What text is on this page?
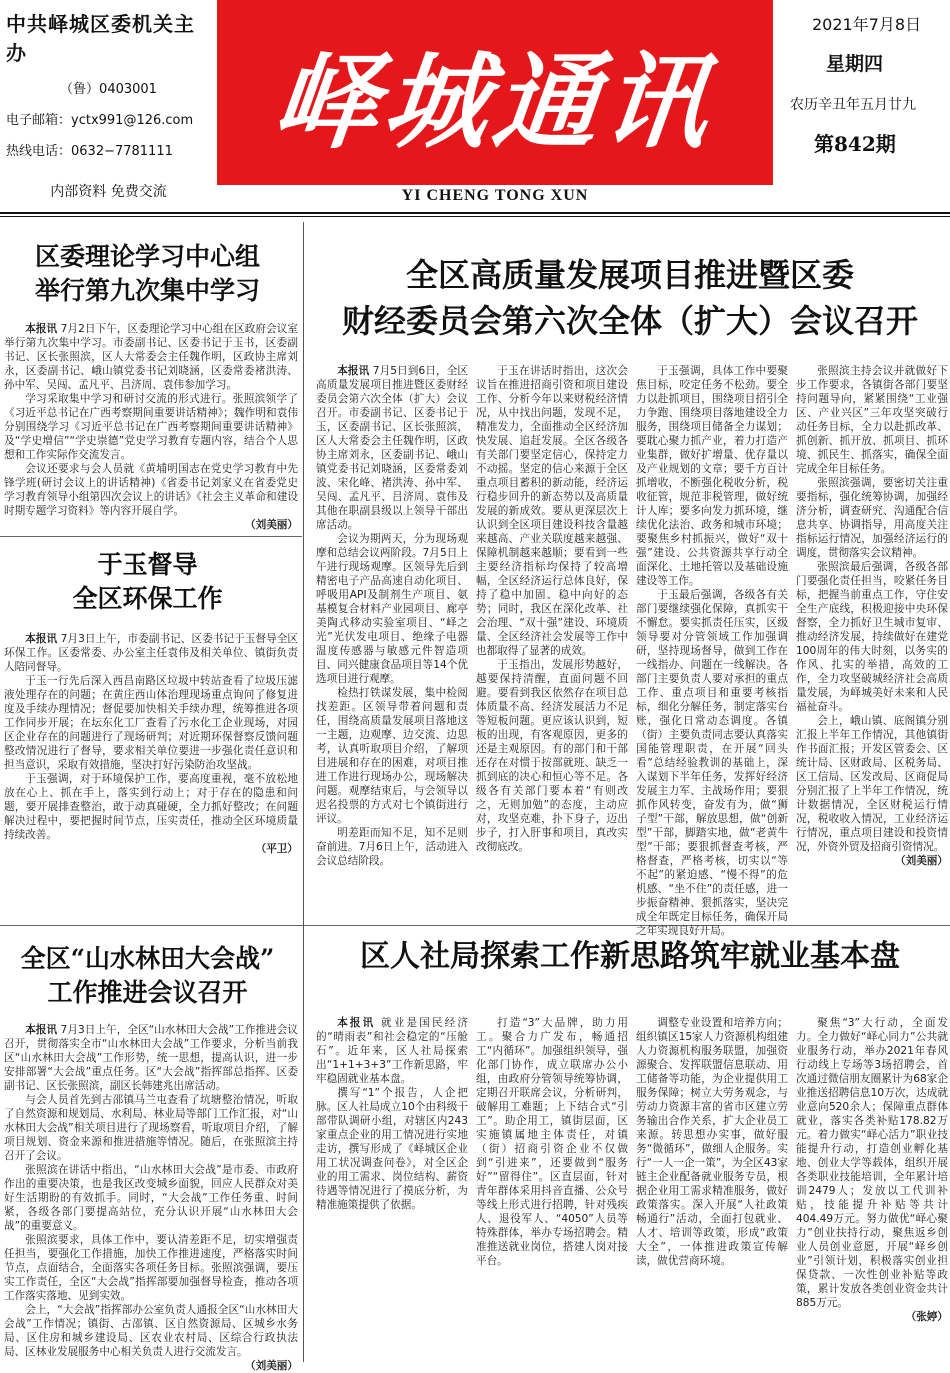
中共峄城区委机关主办
（鲁）0403001
电子邮箱：yctx991@126.com
热线电话：0632−7781111
内部资料 免费交流
峄城通讯
YI CHENG TONG XUN
2021年7月8日
星期四
农历辛丑年五月廿九
第842期
区委理论学习中心组
举行第九次集中学习	全区高质量发展项目推进暨区委
财经委员会第六次全体（扩大）会议召开
于玉督导
全区环保工作
全区“山水林田大会战”
工作推进会议召开
区人社局探索工作新思路筑牢就业基本盘

本报讯 7月2日下午，区委理论学习中心组在区政府会议室举行第九次集中学习。市委副书记、区委书记于玉书，区委副书记、区长张照滨，区人大常委会主任魏作明，区政协主席刘永，区委副书记、峨山镇党委书记刘晓涵，区委常委褚洪涛、孙中军、吴闯、孟凡平、吕济周、袁伟参加学习。

学习采取集中学习和研讨交流的形式进行。张照滨领学了《习近平总书记在广西考察期间重要讲话精神》；魏作明和袁伟分别围绕学习《习近平总书记在广西考察期间重要讲话精神》及“学史增信”“学史崇德”党史学习教育专题内容，结合个人思想和工作实际作交流发言。

会议还要求与会人员就《黄埔明国志在党史学习教育中先锋学班(研讨会议上的讲话精神)《省委书记刘家义在省委党史学习教育领导小组第四次会议上的讲话》《社会主义革命和建设时期专题学习资料》等内容开展自学。

（刘美丽）

本报讯 7月3日上午，市委副书记、区委书记于玉督导全区环保工作。区委常委、办公室主任袁伟及相关单位、镇街负责人陪同督导。

于玉一行先后深入西昌南路区垃圾中转站查看了垃圾压滤液处理存在的问题；在黄庄西山体治理现场重点询问了修复进度及手续办理情况；督促要加快相关手续办理，统筹推进各项工作同步开展；在坛东化工厂查看了污水化工企业现场，对园区企业存在的问题进行了现场研判；对近期环保督察反馈问题整改情况进行了督导，要求相关单位要进一步强化责任意识和担当意识，采取有效措施，坚决打好污染防治攻坚战。

于玉强调，对于环境保护工作，要高度重视，毫不放松地放在心上、抓在手上，落实到行动上；对于存在的隐患和问题，要开展排查整治，敢于动真碰硬，全力抓好整改；在问题解决过程中，要把握时间节点，压实责任，推动全区环境质量持续改善。

（平卫）

本报讯 7月3日上午，全区“山水林田大会战”工作推进会议召开，贯彻落实全市“山水林田大会战”工作要求，分析当前我区“山水林田大会战”工作形势，统一思想，提高认识，进一步安排部署“大会战”重点任务。区“大会战”指挥部总指挥、区委副书记、区长张照滨，副区长韩建兆出席活动。

与会人员首先到古邵镇马兰屯查看了坑塘整治情况，听取了自然资源和规划局、水利局、林业局等部门工作汇报，对“山水林田大会战”相关项目进行了现场察看，听取项目介绍，了解项目规划、资金来源和推进措施等情况。随后，在张照滨主持召开了会议。

张照滨在讲话中指出，“山水林田大会战”是市委、市政府作出的重要决策，也是我区改变城乡面貌，回应人民群众对美好生活期盼的有效抓手。同时，“大会战”工作任务重、时间紧，各级各部门要提高站位，充分认识开展“山水林田大会战”的重要意义。

张照滨要求，具体工作中，要认清差距不足，切实增强责任担当，要强化工作措施，加快工作推进速度，严格落实时间节点，点面结合，全面落实各项任务目标。张照滨强调，要压实工作责任，全区“大会战”指挥部要加强督导检查，推动各项工作落实落地、见到实效。

会上，“大会战”指挥部办公室负责人通报全区“山水林田大会战”工作情况；镇街、古邵镇、区自然资源局、区城乡水务局、区住房和城乡建设局、区农业农村局、区综合行政执法局、区林业发展服务中心相关负责人进行交流发言。

（刘美丽）

本报讯 7月5日到6日，全区高质量发展项目推进暨区委财经委员会第六次全体（扩大）会议召开。市委副书记、区委书记于玉，区委副书记、区长张照滨，区人大常委会主任魏作明，区政协主席刘永，区委副书记、峨山镇党委书记刘晓涵，区委常委刘波、宋化峰、褚洪涛、孙中军、吴闯、孟凡平、吕济周、袁伟及其他在职副县级以上领导干部出席活动。

会议为期两天，分为现场观摩和总结会议两阶段。7月5日上午进行现场观摩。区领导先后到精密电子产品高速自动化项目、呼吸用API及制剂生产项目、氨基模复合材料产业园项目、廊亭美陶式移动实验室项目、“峄之光”光伏发电项目、绝缘子电器温度传感器与敏感元件智造项目、同兴健康食品项目等14个优选项目进行观摩。

检热打铁谋发展，集中检阅找差距。区领导带着问题和责任，围绕高质量发展项目落地这一主题，边观摩、边交流、边思考，认真听取项目介绍，了解项目进展和存在的困难，对项目推进工作进行现场办公，现场解决问题。观摩结束后，与会领导以迟名投票的方式对七个镇街进行评议。

明差距而知不足，知不足则奋前进。7月6日上午，活动进入会议总结阶段。

于玉在讲话时指出，这次会议旨在推进招商引资和项目建设工作、分析今年以来财税经济情况，从中找出问题，发现不足，精准发力，全面推动全区经济加快发展、追赶发展。全区各级各有关部门要坚定信心，保持定力不动摇。坚定的信心来源于全区重点项目蓄积的新动能，经济运行稳步回升的新态势以及高质量发展的新成效。要从更深层次上认识到全区项目建设科技含量越来越高、产业关联度越来越强、保障机制越来越顺；要看到一些主要经济指标均保持了较高增幅，全区经济运行总体良好，保持了稳中加固、稳中向好的态势；同时，我区在深化改革、社会治理、“双十强”建设、环境质量、全区经济社会发展等工作中也都取得了显著的成效。

于玉指出，发展形势越好，越要保持清醒，直面问题不回避。要看到我区依然存在项目总体质量不高、经济发展活力不足等短板问题。更应该认识到，短板的出现，有客观原因，更多的还是主观原因。有的部门和干部还存在对惯于按部就班、缺乏一抓到底的决心和恒心等不足。各级各有关部门要本着“有则改之，无则加勉”的态度，主动应对，攻坚克难，扑下身子，迈出步子，打入肝事和项目，真改实改彻底改。

于玉强调，具体工作中要聚焦目标，咬定任务不松劲。要全力以赴抓项目，围绕项目招引全力争跑、围绕项目落地建设全力服务，围绕项目储备全力谋划；要耽心聚力抓产业，着力打造产业集群，做好扩增量、优存量以及产业规划的文章；要千方百计抓增收，不断强化税收分析，税收征管，规范非税管理，做好统计人库；要多向发力抓环境，继续优化法治、政务和城市环境；要聚焦乡村抓振兴，做好“双十强”建设、公共资源共享行动全面深化、土地托管以及基础设施建设等工作。

于玉最后强调，各级各有关部门要继续强化保障，真抓实干不懈怠。要实抓责任压实，区级领导要对分管领域工作加强调研，坚持现场督导，做到工作在一线指办、问题在一线解决。各部门主要负责人要对承担的重点工作、重点项目和重要考核指标，细化分解任务，制定落实台账，强化日常动态调度。各镇（街）主要负责同志要认真落实国能管理职责，在开展“回头看”总结经验教训的基础上，深入谋划下半年任务，发挥好经济发展主力军、主战场作用；要狠抓作风转变，奋发有为，做“狮子型”干部，解放思想，做“创新型”干部，脚踏实地，做“老黄牛型”干部；要狠抓督查考核，严格督查，严格考核，切实以“等不起”的紧迫感、“慢不得”的危机感、“坐不住”的责任感，进一步振奋精神、狠抓落实，坚决完成全年既定目标任务，确保开局之年实现良好开局。

张照滨主持会议并就做好下步工作要求，各镇街各部门要坚持问题导向，紧紧围绕“工业强区、产业兴区”三年攻坚突破行动任务目标，全力以赴抓改革、抓创新、抓开放、抓项目、抓环境、抓民生、抓落实，确保全面完成全年目标任务。

张照滨强调，要密切关注重要指标，强化统筹协调，加强经济分析，调查研究、沟通配合信息共享、协调指导，用高度关注指标运行情况，加强经济运行的调度，贯彻落实会议精神。

张照滨最后强调，各级各部门要强化责任担当，咬紧任务目标，把握当前重点工作，守住安全生产底线，积极迎接中央环保督察，全力抓好卫生城市复审、推动经济发展，持续做好在建党100周年的伟大时刻，以务实的作风、扎实的举措，高效的工作，全力攻坚破城经济社会高质量发展，为峄城美好未来和人民福祉奋斗。

会上，峨山镇、底阁镇分别汇报上半年工作情况，其他镇街作书面汇报；开发区管委会、区统计局、区财政局、区税务局、区工信局、区发改局、区商促局分别汇报了上半年工作情况，统计数据情况，全区财税运行情况，税收收入情况，工业经济运行情况，重点项目建设和投资情况，外资外贸及招商引资情况。

（刘美丽）

本报讯 就业是国民经济的“晴雨表”和社会稳定的“压舱石”。近年来，区人社局探索出“1+1+3+3”工作新思路，牢牢稳固就业基本盘。

撰写“1”个报告，人企把脉。区人社局成立10个由科级干部带队调研小组，对辖区内243家重点企业的用工情况进行实地走访，撰写形成了《峄城区企业用工状况调查问卷》，对全区企业的用工需求、岗位结构、薪资待遇等情况进行了摸底分析，为精准施策提供了依据。

打造“3”大品牌，助力用工。聚合力广发布，畅通招工“内循环”。加强组织领导，强化部门协作，成立联席办公小组，由政府分管领导统筹协调，定期召开联席会议，分析研判，破解用工难题；上下结合式“引工”。助企用工，镇街层面，区实施镇属地主体责任，对镇（街）招商引资企业不仅做到“引进来”，还要做到“服务好”“留得住”。区直层面，针对青年群体采用抖音直播、公众号等线上形式进行招聘，针对残疾人、退役军人、“4050”人员等特殊群体，举办专场招聘会。精准推送就业岗位，搭建人岗对接平台。

调整专业设置和培养方向；组织镇区15家人力资源机构组建人力资源机构服务联盟，加强资源聚合、发挥联盟信息联动、用工储备等功能，为企业提供用工服务保障；树立大劳务观念，与劳动力资源丰富的省市区建立劳务输出合作关系，扩大企业员工来源。转思想办实事，做好服务“微循环”，做细人企服务。实行“一人一企一策”，为全区43家链主企业配备就业服务专员，根据企业用工需求精准服务，做好政策落实。深入开展“人社政策畅通行”活动，全面打包就业、人才、培训等政策，形成“政策大全”，一体推进政策宣传解读，做优营商环境。

聚焦“3”大行动，全面发力。全力做好“峄心同力”公共就业服务行动，举办2021年春风行动线上专场等3场招聘会，首次通过微信朋友圈累计为68家企业推送招聘信息10万次，达成就业意向520余人；保障重点群体就业，落实各类补贴178.82万元。着力做实“峄心活力”职业技能提升行动，打造创业孵化基地、创业大学等载体，组织开展各类职业技能培训，全年累计培训2479人；发放以工代训补贴，技能提升补贴等共计404.49万元。努力做优“峄心聚力”创业扶持行动，聚焦返乡创业人员创业意愿，开展“峄乡创业”引领计划，积极落实创业担保贷款、一次性创业补贴等政策，累计发放各类创业资金共计885万元。

（张婷）
